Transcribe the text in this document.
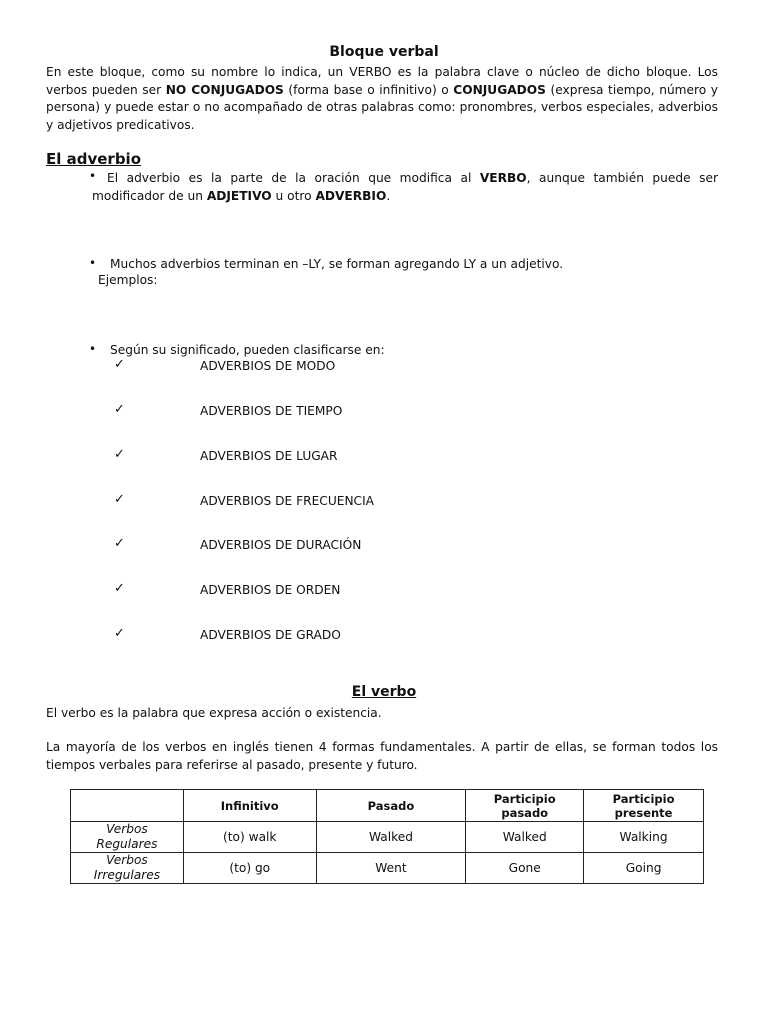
Bloque verbal
En este bloque, como su nombre lo indica, un VERBO es la palabra clave o núcleo de dicho bloque. Los verbos pueden ser NO CONJUGADOS (forma base o infinitivo) o CONJUGADOS (expresa tiempo, número y persona) y puede estar o no acompañado de otras palabras como: pronombres, verbos especiales, adverbios y adjetivos predicativos.
El adverbio
• El adverbio es la parte de la oración que modifica al VERBO, aunque también puede ser modificador de un ADJETIVO u otro ADVERBIO.
• Muchos adverbios terminan en –LY, se forman agregando LY a un adjetivo.
Ejemplos:
• Según su significado, pueden clasificarse en:
✓	ADVERBIOS DE MODO
✓	ADVERBIOS DE TIEMPO
✓	ADVERBIOS DE LUGAR
✓	ADVERBIOS DE FRECUENCIA
✓	ADVERBIOS DE DURACIÓN
✓	ADVERBIOS DE ORDEN
✓	ADVERBIOS DE GRADO
El verbo
El verbo es la palabra que expresa acción o existencia.
La mayoría de los verbos en inglés tienen 4 formas fundamentales. A partir de ellas, se forman todos los tiempos verbales para referirse al pasado, presente y futuro.
	Infinitivo	Pasado	Participio pasado	Participio presente
Verbos Regulares	(to) walk	Walked	Walked	Walking
Verbos Irregulares	(to) go	Went	Gone	Going
